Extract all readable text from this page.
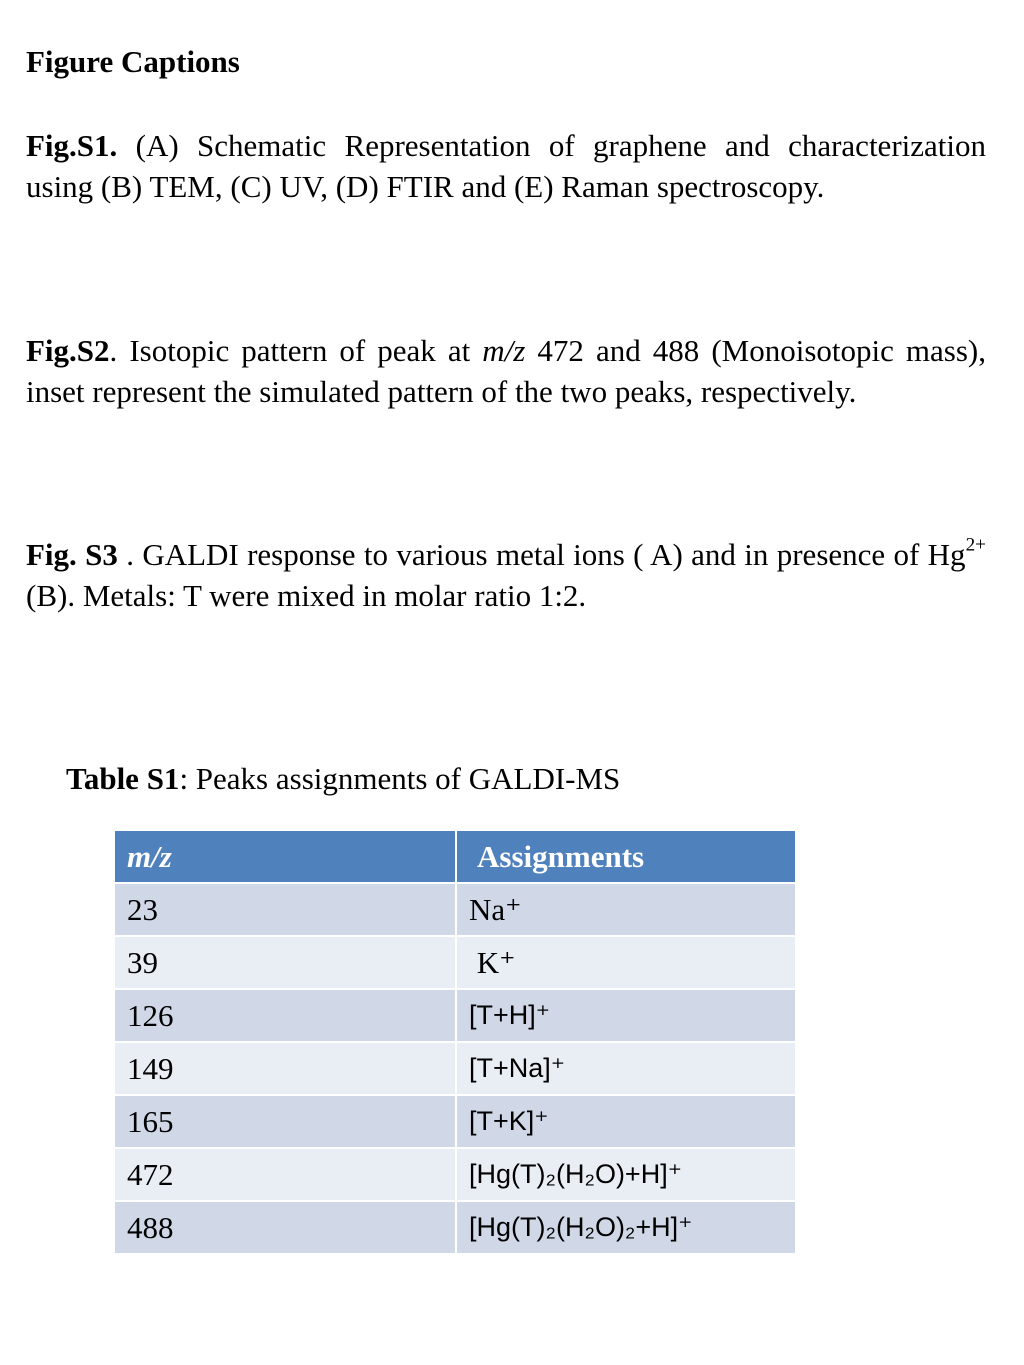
Figure Captions
Fig.S1. (A) Schematic Representation of graphene and characterization using (B) TEM, (C) UV, (D) FTIR and (E) Raman spectroscopy.
Fig.S2. Isotopic pattern of peak at m/z 472 and 488 (Monoisotopic mass), inset represent the simulated pattern of the two peaks, respectively.
Fig. S3 . GALDI response to various metal ions ( A) and in presence of $Hg^{2+}(B)$. Metals: T were mixed in molar ratio 1:2.
Table S1: Peaks assignments of GALDI-MS
m/z	Assignments
23	Na⁺
39	K⁺
126	[T+H]⁺
149	[T+Na]⁺
165	[T+K]⁺
472	[Hg(T)₂(H₂O)+H]⁺
488	[Hg(T)₂(H₂O)₂+H]⁺
